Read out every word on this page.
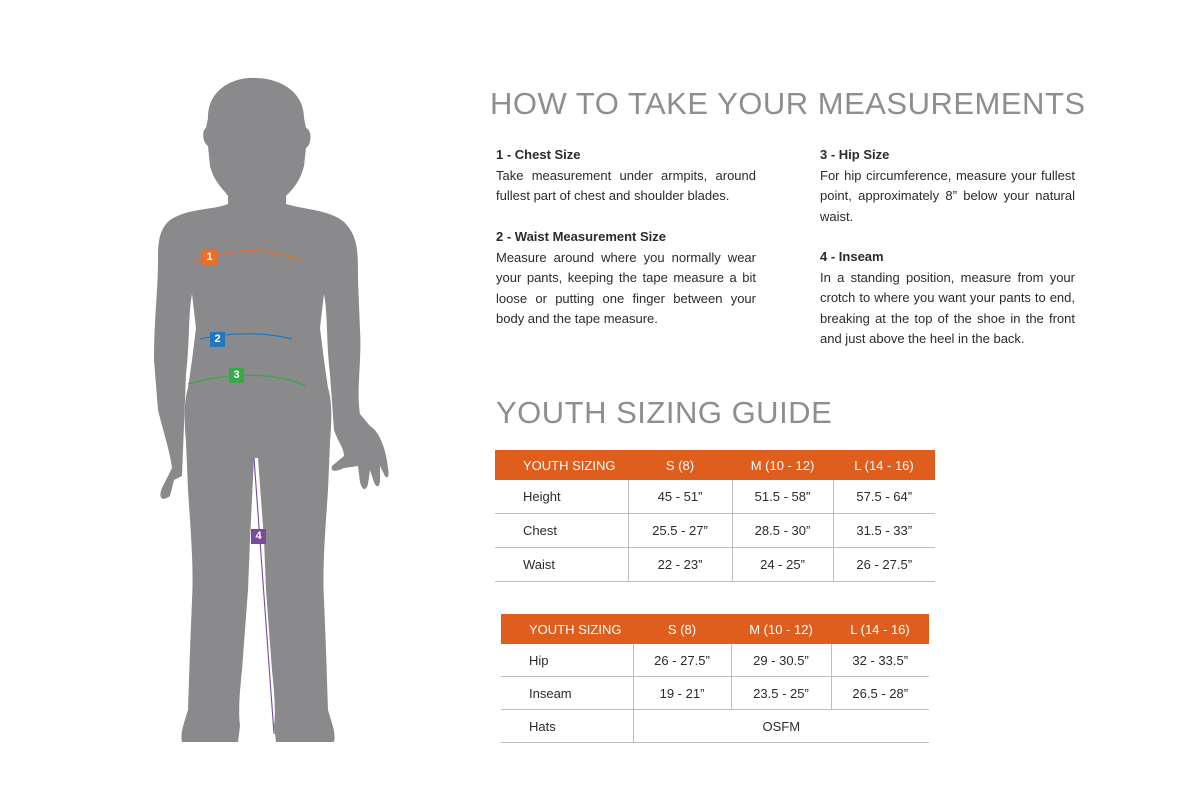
1
2
3
4
HOW TO TAKE YOUR MEASUREMENTS

1 - Chest Size

Take measurement under armpits, around fullest part of chest and shoulder blades.

2 - Waist Measurement Size

Measure around where you normally wear your pants, keeping the tape measure a bit loose or putting one finger between your body and the tape measure.

3 - Hip Size

For hip circumference, measure your fullest point, approximately 8” below your natural waist.

4 - Inseam

In a standing position, measure from your crotch to where you want your pants to end, breaking at the top of the shoe in the front and just above the heel in the back.

YOUTH SIZING GUIDE
YOUTH SIZING	S (8)	M (10 - 12)	L (14 - 16)
Height	45 - 51”	51.5 - 58”	57.5 - 64”
Chest	25.5 - 27”	28.5 - 30”	31.5 - 33”
Waist	22 - 23”	24 - 25”	26 - 27.5”
YOUTH SIZING	S (8)	M (10 - 12)	L (14 - 16)
Hip	26 - 27.5”	29 - 30.5”	32 - 33.5”
Inseam	19 - 21”	23.5 - 25”	26.5 - 28”
Hats	OSFM		
